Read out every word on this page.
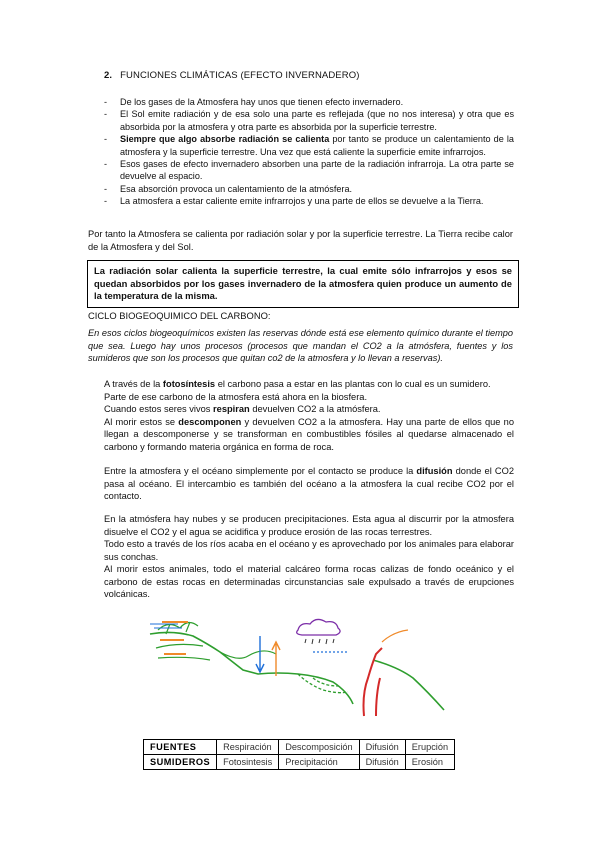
2. FUNCIONES CLIMÁTICAS (EFECTO INVERNADERO)
- De los gases de la Atmosfera hay unos que tienen efecto invernadero.
- El Sol emite radiación y de esa solo una parte es reflejada (que no nos interesa) y otra que es absorbida por la atmosfera y otra parte es absorbida por la superficie terrestre.
- Siempre que algo absorbe radiación se calienta por tanto se produce un calentamiento de la atmosfera y la superficie terrestre. Una vez que está caliente la superficie emite infrarrojos.
- Esos gases de efecto invernadero absorben una parte de la radiación infrarroja. La otra parte se devuelve al espacio.
- Esa absorción provoca un calentamiento de la atmósfera.
- La atmosfera a estar caliente emite infrarrojos y una parte de ellos se devuelve a la Tierra.
Por tanto la Atmosfera se calienta por radiación solar y por la superficie terrestre. La Tierra recibe calor de la Atmosfera y del Sol.
La radiación solar calienta la superficie terrestre, la cual emite sólo infrarrojos y esos se quedan absorbidos por los gases invernadero de la atmosfera quien produce un aumento de la temperatura de la misma.
CICLO BIOGEOQUIMICO DEL CARBONO:
En esos ciclos biogeoquímicos existen las reservas dónde está ese elemento químico durante el tiempo que sea. Luego hay unos procesos (procesos que mandan el CO2 a la atmósfera, fuentes y los sumideros que son los procesos que quitan co2 de la atmosfera y lo llevan a reservas).
A través de la fotosíntesis el carbono pasa a estar en las plantas con lo cual es un sumidero.
Parte de ese carbono de la atmosfera está ahora en la biosfera.
Cuando estos seres vivos respiran devuelven CO2 a la atmósfera.
Al morir estos se descomponen y devuelven CO2 a la atmosfera. Hay una parte de ellos que no llegan a descomponerse y se transforman en combustibles fósiles al quedarse almacenado el carbono y formando materia orgánica en forma de roca.
Entre la atmosfera y el océano simplemente por el contacto se produce la difusión donde el CO2 pasa al océano. El intercambio es también del océano a la atmosfera la cual recibe CO2 por el contacto.
En la atmósfera hay nubes y se producen precipitaciones. Esta agua al discurrir por la atmosfera disuelve el CO2 y el agua se acidifica y produce erosión de las rocas terrestres.
Todo esto a través de los ríos acaba en el océano y es aprovechado por los animales para elaborar sus conchas.
Al morir estos animales, todo el material calcáreo forma rocas calizas de fondo oceánico y el carbono de estas rocas en determinadas circunstancias sale expulsado a través de erupciones volcánicas.
FUENTES	Respiración	Descomposición	Difusión	Erupción
SUMIDEROS	Fotosintesis	Precipitación	Difusión	Erosión
